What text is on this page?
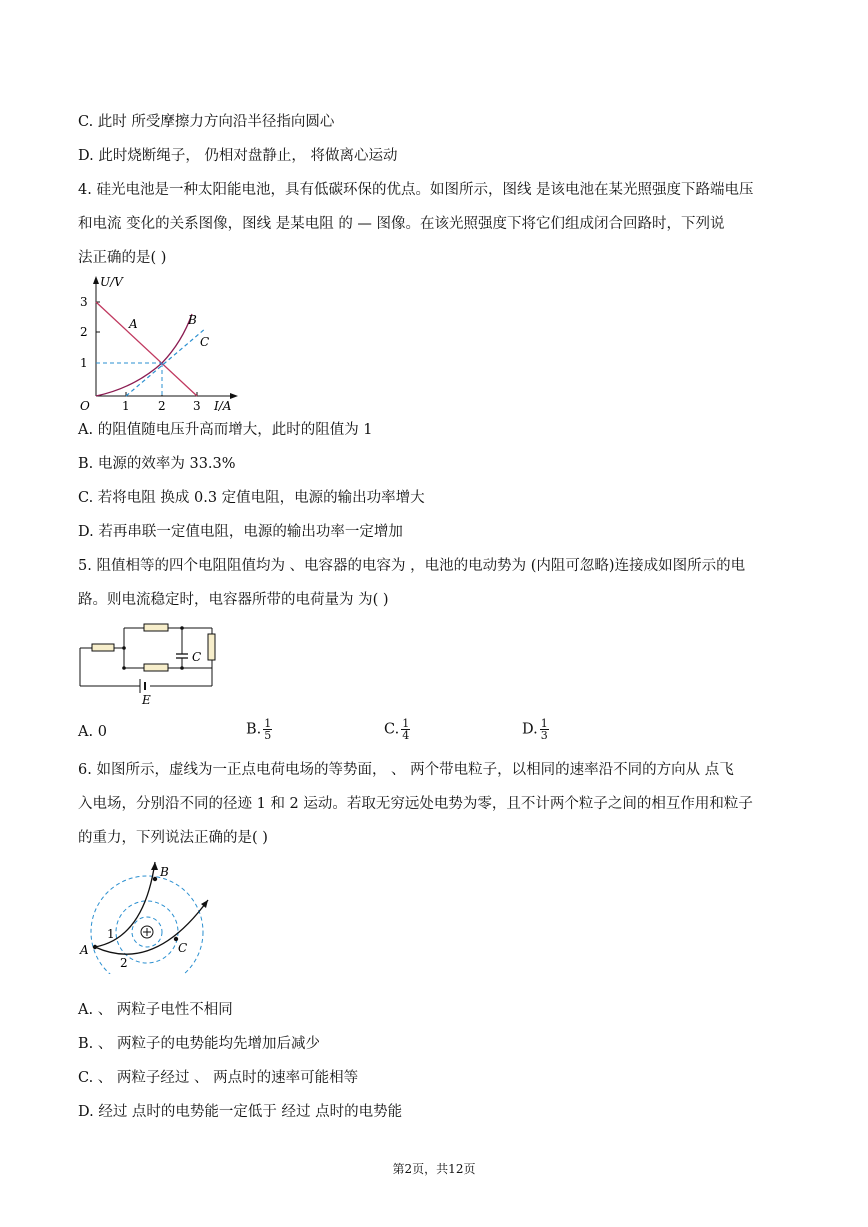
C. 此时 所受摩擦力方向沿半径指向圆心
D. 此时烧断绳子， 仍相对盘静止， 将做离心运动
4. 硅光电池是一种太阳能电池，具有低碳环保的优点。如图所示，图线 是该电池在某光照强度下路端电压
和电流 变化的关系图像，图线 是某电阻 的 — 图像。在该光照强度下将它们组成闭合回路时，下列说
法正确的是( )
U/V
I/A
O
3
2
1
1 2 3
A	B
C
A. 的阻值随电压升高而增大，此时的阻值为 1
B. 电源的效率为 33.3%
C. 若将电阻 换成 0.3 定值电阻，电源的输出功率增大
D. 若再串联一定值电阻，电源的输出功率一定增加
5. 阻值相等的四个电阻阻值均为 、电容器的电容为 ，电池的电动势为 (内阻可忽略)连接成如图所示的电
路。则电流稳定时，电容器所带的电荷量为 为( )
C
E
A. 0	B. $\frac{1}{5}$	C. $\frac{1}{4}$	D. $\frac{1}{3}$
6. 如图所示，虚线为一正点电荷电场的等势面， 、 两个带电粒子，以相同的速率沿不同的方向从 点飞
入电场，分别沿不同的径迹 1 和 2 运动。若取无穷远处电势为零，且不计两个粒子之间的相互作用和粒子
的重力，下列说法正确的是( )
A
B
C
1
2
A. 、 两粒子电性不相同
B. 、 两粒子的电势能均先增加后减少
C. 、 两粒子经过 、 两点时的速率可能相等
D. 经过 点时的电势能一定低于 经过 点时的电势能
第2页，共12页
